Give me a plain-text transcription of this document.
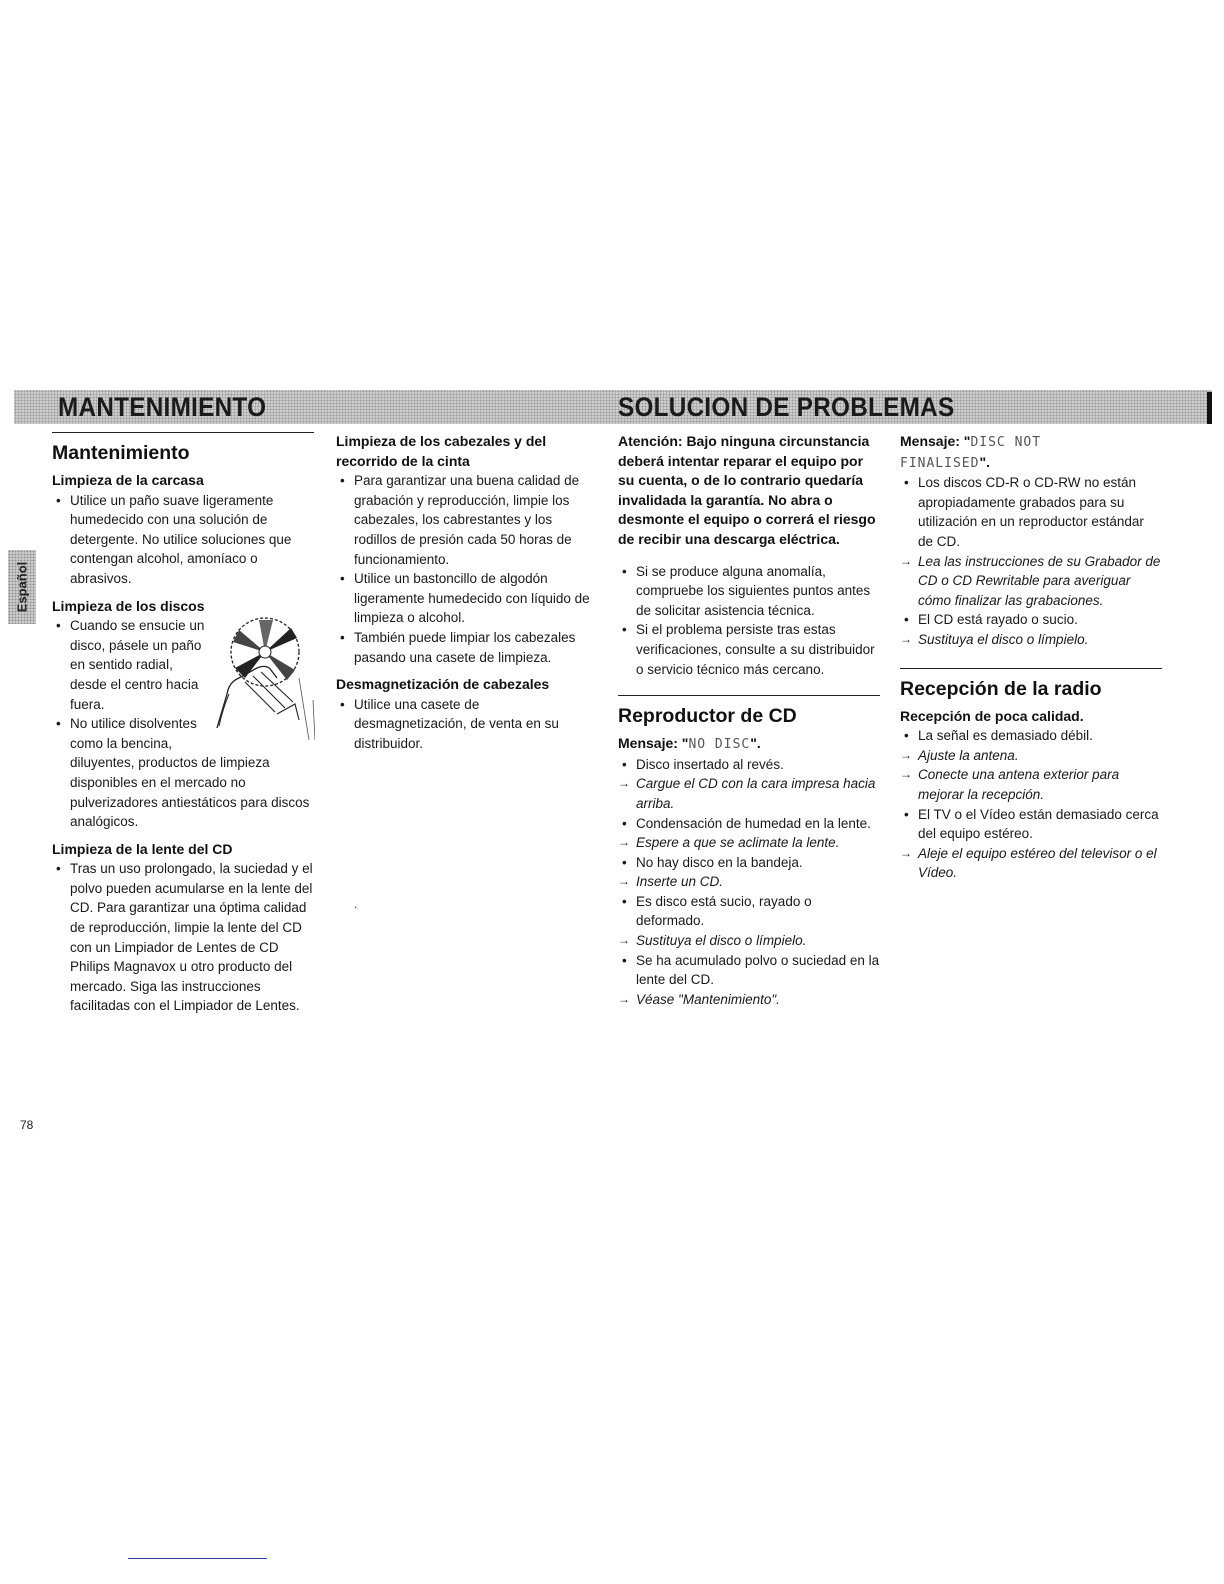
MANTENIMIENTO	SOLUCION DE PROBLEMAS
Español
Mantenimiento
Limpieza de la carcasa
• Utilice un paño suave ligeramente humedecido con una solución de detergente. No utilice soluciones que contengan alcohol, amoníaco o abrasivos.
Limpieza de los discos
• Cuando se ensucie un
disco, pásele un paño
en sentido radial,
desde el centro hacia
fuera.
• No utilice disolventes
como la bencina,
diluyentes, productos de limpieza disponibles en el mercado no pulverizadores antiestáticos para discos analógicos.
Limpieza de la lente del CD
• Tras un uso prolongado, la suciedad y el polvo pueden acumularse en la lente del CD. Para garantizar una óptima calidad de reproducción, limpie la lente del CD con un Limpiador de Lentes de CD Philips Magnavox u otro producto del mercado. Siga las instrucciones facilitadas con el Limpiador de Lentes.
Limpieza de los cabezales y del recorrido de la cinta
• Para garantizar una buena calidad de grabación y reproducción, limpie los cabezales, los cabrestantes y los rodillos de presión cada 50 horas de funcionamiento.
• Utilice un bastoncillo de algodón ligeramente humedecido con líquido de limpieza o alcohol.
• También puede limpiar los cabezales pasando una casete de limpieza.
Desmagnetización de cabezales
• Utilice una casete de desmagnetización, de venta en su distribuidor.

.

Atención: Bajo ninguna circunstancia deberá intentar reparar el equipo por su cuenta, o de lo contrario quedaría invalidada la garantía. No abra o desmonte el equipo o correrá el riesgo de recibir una descarga eléctrica.

• Si se produce alguna anomalía, compruebe los siguientes puntos antes de solicitar asistencia técnica.
• Si el problema persiste tras estas verificaciones, consulte a su distribuidor o servicio técnico más cercano.
Reproductor de CD

Mensaje: "NO DISC".

• Disco insertado al revés.
→ Cargue el CD con la cara impresa hacia arriba.
• Condensación de humedad en la lente.
→ Espere a que se aclimate la lente.
• No hay disco en la bandeja.
→ Inserte un CD.
• Es disco está sucio, rayado o deformado.
→ Sustituya el disco o límpielo.
• Se ha acumulado polvo o suciedad en la lente del CD.
→ Véase "Mantenimiento".

Mensaje: "DISC NOT
FINALISED".

• Los discos CD-R o CD-RW no están apropiadamente grabados para su utilización en un reproductor estándar de CD.
→ Lea las instrucciones de su Grabador de CD o CD Rewritable para averiguar cómo finalizar las grabaciones.
• El CD está rayado o sucio.
→ Sustituya el disco o límpielo.
Recepción de la radio
Recepción de poca calidad.
• La señal es demasiado débil.
→ Ajuste la antena.
→ Conecte una antena exterior para mejorar la recepción.
• El TV o el Vídeo están demasiado cerca del equipo estéreo.
→ Aleje el equipo estéreo del televisor o el Vídeo.

78
